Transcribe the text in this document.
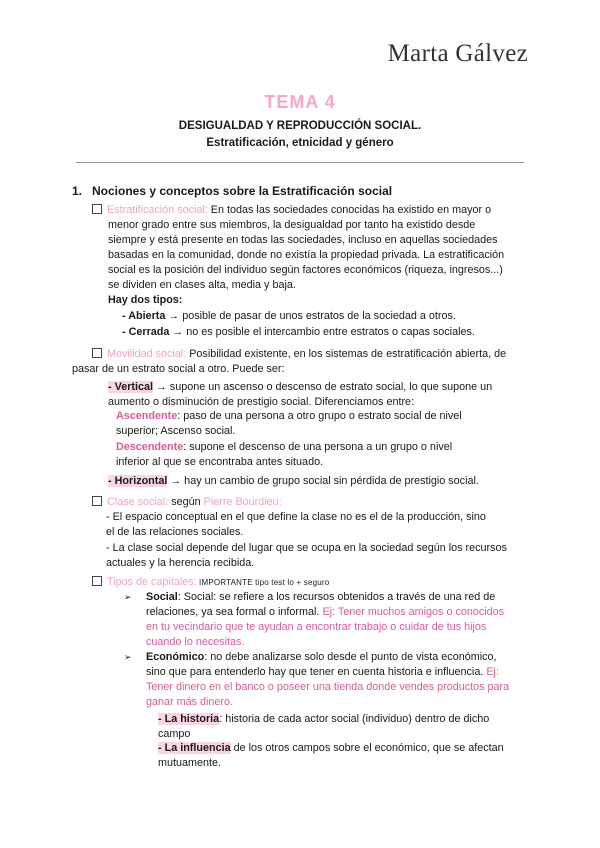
Marta Gálvez
TEMA 4
DESIGUALDAD Y REPRODUCCIÓN SOCIAL.
Estratificación, etnicidad y género
1. Nociones y conceptos sobre la Estratificación social
Estratificación social: En todas las sociedades conocidas ha existido en mayor o
menor grado entre sus miembros, la desigualdad por tanto ha existido desde
siempre y está presente en todas las sociedades, incluso en aquellas sociedades
basadas en la comunidad, donde no existía la propiedad privada. La estratificación
social es la posición del individuo según factores económicos (riqueza, ingresos...)
se dividen en clases alta, media y baja.
Hay dos tipos:
- Abierta → posible de pasar de unos estratos de la sociedad a otros.
- Cerrada → no es posible el intercambio entre estratos o capas sociales.
Movilidad social: Posibilidad existente, en los sistemas de estratificación abierta, de
pasar de un estrato social a otro. Puede ser:
- Vertical → supone un ascenso o descenso de estrato social, lo que supone un
aumento o disminución de prestigio social. Diferenciamos entre:
Ascendente: paso de una persona a otro grupo o estrato social de nivel
superior; Ascenso social.
Descendente: supone el descenso de una persona a un grupo o nivel
inferior al que se encontraba antes situado.
- Horizontal → hay un cambio de grupo social sin pérdida de prestigio social.
Clase social: según Pierre Bourdieu:
- El espacio conceptual en el que define la clase no es el de la producción, sino
el de las relaciones sociales.
- La clase social depende del lugar que se ocupa en la sociedad según los recursos
actuales y la herencia recibida.
Tipos de capitales: IMPORTANTE tipo test lo + seguro
➢ Social: Social: se refiere a los recursos obtenidos a través de una red de
relaciones, ya sea formal o informal. Ej: Tener muchos amigos o conocidos
en tu vecindario que te ayudan a encontrar trabajo o cuidar de tus hijos
cuando lo necesitas.
➢ Económico: no debe analizarse solo desde el punto de vista económico,
sino que para entenderlo hay que tener en cuenta historia e influencia. Ej:
Tener dinero en el banco o poseer una tienda donde vendes productos para
ganar más dinero.
- La historia: historia de cada actor social (individuo) dentro de dicho
campo
- La influencia de los otros campos sobre el económico, que se afectan
mutuamente.
